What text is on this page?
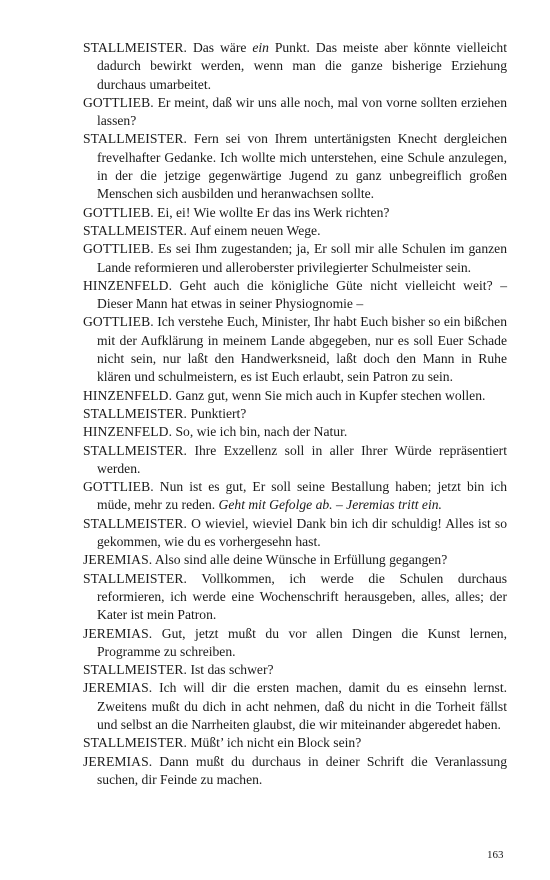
STALLMEISTER. Das wäre ein Punkt. Das meiste aber könnte vielleicht dadurch bewirkt werden, wenn man die ganze bisherige Erziehung durchaus umarbeitet.

GOTTLIEB. Er meint, daß wir uns alle noch, mal von vorne sollten erziehen lassen?

STALLMEISTER. Fern sei von Ihrem untertänigsten Knecht dergleichen frevelhafter Gedanke. Ich wollte mich unterstehen, eine Schule anzulegen, in der die jetzige gegenwärtige Jugend zu ganz unbegreiflich großen Menschen sich ausbilden und heranwachsen sollte.

GOTTLIEB. Ei, ei! Wie wollte Er das ins Werk richten?

STALLMEISTER. Auf einem neuen Wege.

GOTTLIEB. Es sei Ihm zugestanden; ja, Er soll mir alle Schulen im ganzen Lande reformieren und alleroberster privilegierter Schulmeister sein.

HINZENFELD. Geht auch die königliche Güte nicht vielleicht weit? – Dieser Mann hat etwas in seiner Physiognomie –

GOTTLIEB. Ich verstehe Euch, Minister, Ihr habt Euch bisher so ein bißchen mit der Aufklärung in meinem Lande abgegeben, nur es soll Euer Schade nicht sein, nur laßt den Handwerksneid, laßt doch den Mann in Ruhe klären und schulmeistern, es ist Euch erlaubt, sein Patron zu sein.

HINZENFELD. Ganz gut, wenn Sie mich auch in Kupfer stechen wollen.

STALLMEISTER. Punktiert?

HINZENFELD. So, wie ich bin, nach der Natur.

STALLMEISTER. Ihre Exzellenz soll in aller Ihrer Würde repräsentiert werden.

GOTTLIEB. Nun ist es gut, Er soll seine Bestallung haben; jetzt bin ich müde, mehr zu reden. Geht mit Gefolge ab. – Jeremias tritt ein.

STALLMEISTER. O wieviel, wieviel Dank bin ich dir schuldig! Alles ist so gekommen, wie du es vorhergesehn hast.

JEREMIAS. Also sind alle deine Wünsche in Erfüllung gegangen?

STALLMEISTER. Vollkommen, ich werde die Schulen durchaus reformieren, ich werde eine Wochenschrift herausgeben, alles, alles; der Kater ist mein Patron.

JEREMIAS. Gut, jetzt mußt du vor allen Dingen die Kunst lernen, Programme zu schreiben.

STALLMEISTER. Ist das schwer?

JEREMIAS. Ich will dir die ersten machen, damit du es einsehn lernst. Zweitens mußt du dich in acht nehmen, daß du nicht in die Torheit fällst und selbst an die Narrheiten glaubst, die wir miteinander abgeredet haben.

STALLMEISTER. Müßt’ ich nicht ein Block sein?

JEREMIAS. Dann mußt du durchaus in deiner Schrift die Veranlassung suchen, dir Feinde zu machen.

163
